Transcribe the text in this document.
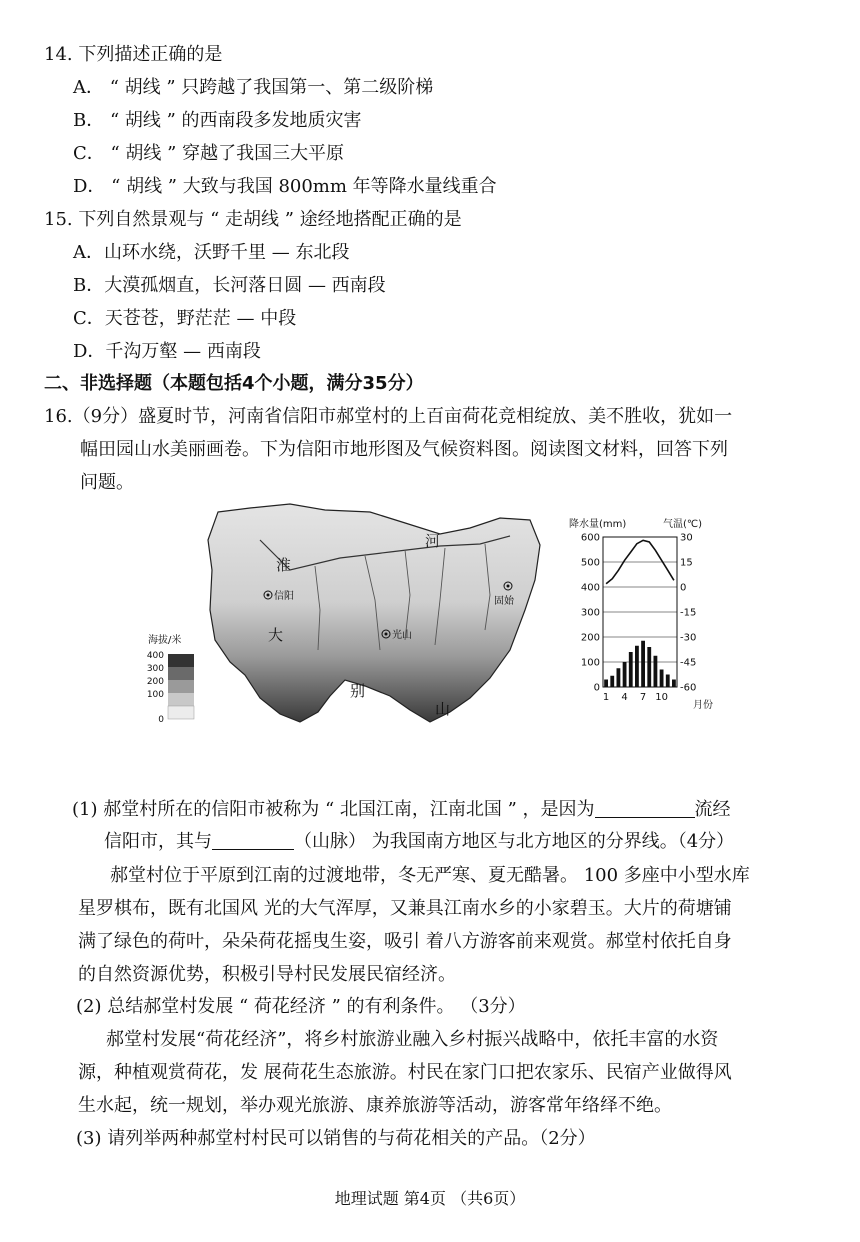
14. 下列描述正确的是
A． “ 胡线 ” 只跨越了我国第一、第二级阶梯
B． “ 胡线 ” 的西南段多发地质灾害
C． “ 胡线 ” 穿越了我国三大平原
D． “ 胡线 ” 大致与我国 800mm 年等降水量线重合
15. 下列自然景观与 “ 走胡线 ” 途经地搭配正确的是
A．山环水绕，沃野千里 — 东北段
B．大漠孤烟直，长河落日圆 — 西南段
C．天苍苍，野茫茫 — 中段
D．千沟万壑 — 西南段
二、非选择题（本题包括4个小题，满分35分）
16.（9分）盛夏时节，河南省信阳市郝堂村的上百亩荷花竞相绽放、美不胜收，犹如一
幅田园山水美丽画卷。下为信阳市地形图及气候资料图。阅读图文材料，回答下列
问题。
淮
河
大
别
山
信阳
光山
固始
海拔/米
400
300
200
100
0
降水量(mm)	气温(℃)
600	30
500	15
400	0
300	-15
200	-30
100	-45
0	-60
1 4 7 10
月份
(1) 郝堂村所在的信阳市被称为 “ 北国江南，江南北国 ” ，是因为	流经
信阳市，其与	（山脉） 为我国南方地区与北方地区的分界线。（4分）
郝堂村位于平原到江南的过渡地带，冬无严寒、夏无酷暑。 100 多座中小型水库
星罗棋布，既有北国风 光的大气浑厚，又兼具江南水乡的小家碧玉。大片的荷塘铺
满了绿色的荷叶，朵朵荷花摇曳生姿，吸引 着八方游客前来观赏。郝堂村依托自身
的自然资源优势，积极引导村民发展民宿经济。
(2) 总结郝堂村发展 “ 荷花经济 ” 的有利条件。 （3分）
郝堂村发展“荷花经济”，将乡村旅游业融入乡村振兴战略中，依托丰富的水资
源，种植观赏荷花，发 展荷花生态旅游。村民在家门口把农家乐、民宿产业做得风
生水起，统一规划，举办观光旅游、康养旅游等活动，游客常年络绎不绝。
(3) 请列举两种郝堂村村民可以销售的与荷花相关的产品。（2分）
地理试题 第4页 （共6页）
